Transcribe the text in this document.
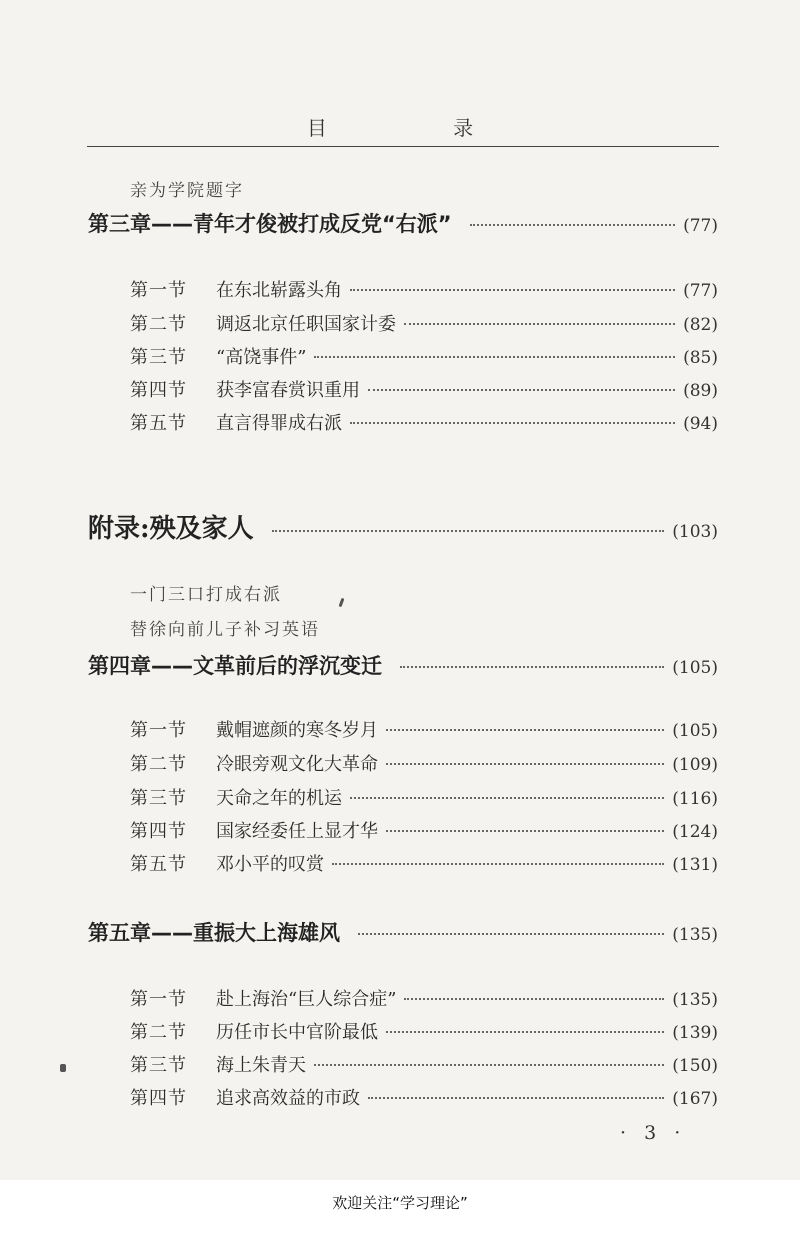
目 录
亲为学院题字
第三章——青年才俊被打成反党“右派”	(77)
第一节	在东北崭露头角	(77)
第二节	调返北京任职国家计委	(82)
第三节	“高饶事件”	(85)
第四节	获李富春赏识重用	(89)
第五节	直言得罪成右派	(94)
附录:殃及家人	(103)
一门三口打成右派
替徐向前儿子补习英语
第四章——文革前后的浮沉变迁	(105)
第一节	戴帽遮颜的寒冬岁月	(105)
第二节	冷眼旁观文化大革命	(109)
第三节	天命之年的机运	(116)
第四节	国家经委任上显才华	(124)
第五节	邓小平的叹赏	(131)
第五章——重振大上海雄风	(135)
第一节	赴上海治“巨人综合症”	(135)
第二节	历任市长中官阶最低	(139)
第三节	海上朱青天	(150)
第四节	追求高效益的市政	(167)
· 3 ·
欢迎关注“学习理论”
